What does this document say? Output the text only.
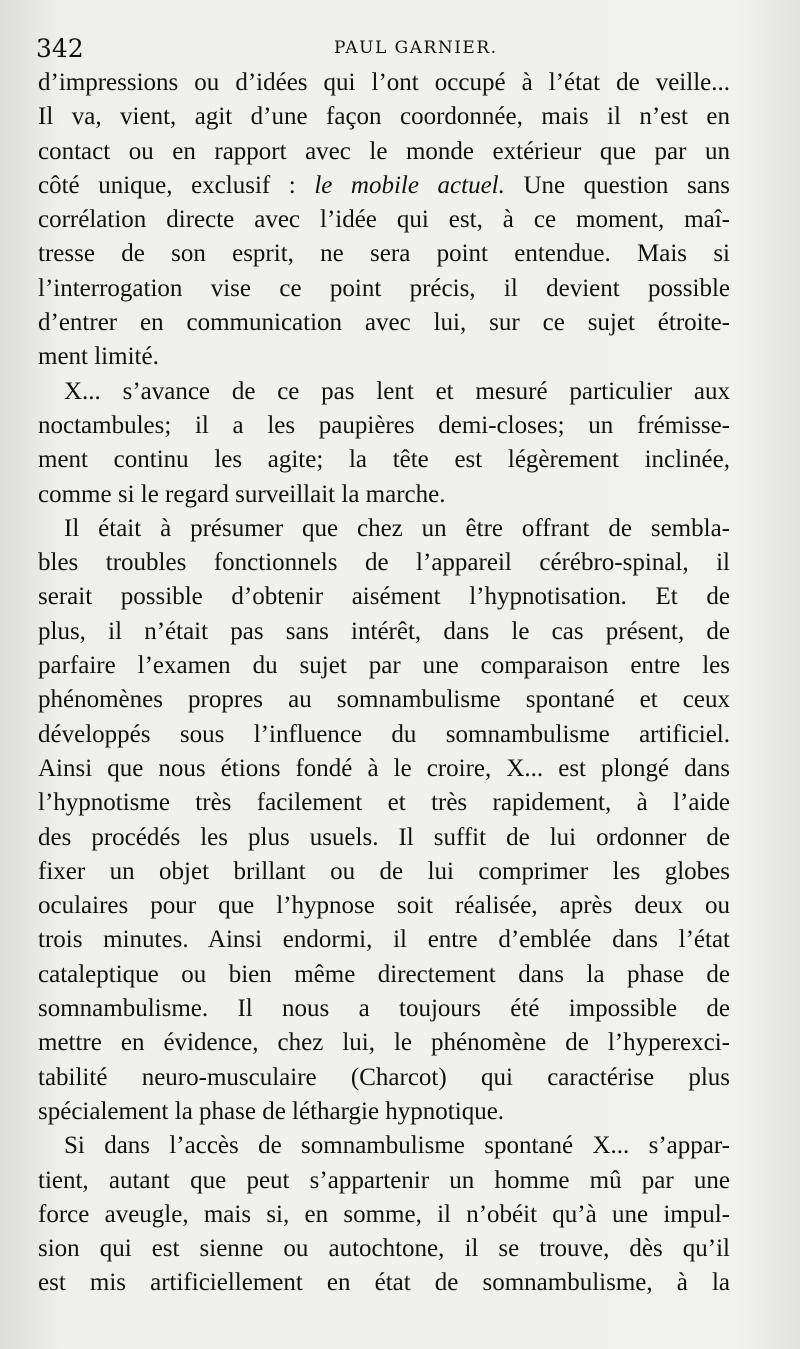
342	PAUL GARNIER.
d’impressions ou d’idées qui l’ont occupé à l’état de veille...
Il va, vient, agit d’une façon coordonnée, mais il n’est en
contact ou en rapport avec le monde extérieur que par un
côté unique, exclusif : le mobile actuel. Une question sans
corrélation directe avec l’idée qui est, à ce moment, maî-
tresse de son esprit, ne sera point entendue. Mais si
l’interrogation vise ce point précis, il devient possible
d’entrer en communication avec lui, sur ce sujet étroite-
ment limité.
X... s’avance de ce pas lent et mesuré particulier aux
noctambules; il a les paupières demi-closes; un frémisse-
ment continu les agite; la tête est légèrement inclinée,
comme si le regard surveillait la marche.
Il était à présumer que chez un être offrant de sembla-
bles troubles fonctionnels de l’appareil cérébro-spinal, il
serait possible d’obtenir aisément l’hypnotisation. Et de
plus, il n’était pas sans intérêt, dans le cas présent, de
parfaire l’examen du sujet par une comparaison entre les
phénomènes propres au somnambulisme spontané et ceux
développés sous l’influence du somnambulisme artificiel.
Ainsi que nous étions fondé à le croire, X... est plongé dans
l’hypnotisme très facilement et très rapidement, à l’aide
des procédés les plus usuels. Il suffit de lui ordonner de
fixer un objet brillant ou de lui comprimer les globes
oculaires pour que l’hypnose soit réalisée, après deux ou
trois minutes. Ainsi endormi, il entre d’emblée dans l’état
cataleptique ou bien même directement dans la phase de
somnambulisme. Il nous a toujours été impossible de
mettre en évidence, chez lui, le phénomène de l’hyperexci-
tabilité neuro-musculaire (Charcot) qui caractérise plus
spécialement la phase de léthargie hypnotique.
Si dans l’accès de somnambulisme spontané X... s’appar-
tient, autant que peut s’appartenir un homme mû par une
force aveugle, mais si, en somme, il n’obéit qu’à une impul-
sion qui est sienne ou autochtone, il se trouve, dès qu’il
est mis artificiellement en état de somnambulisme, à la
